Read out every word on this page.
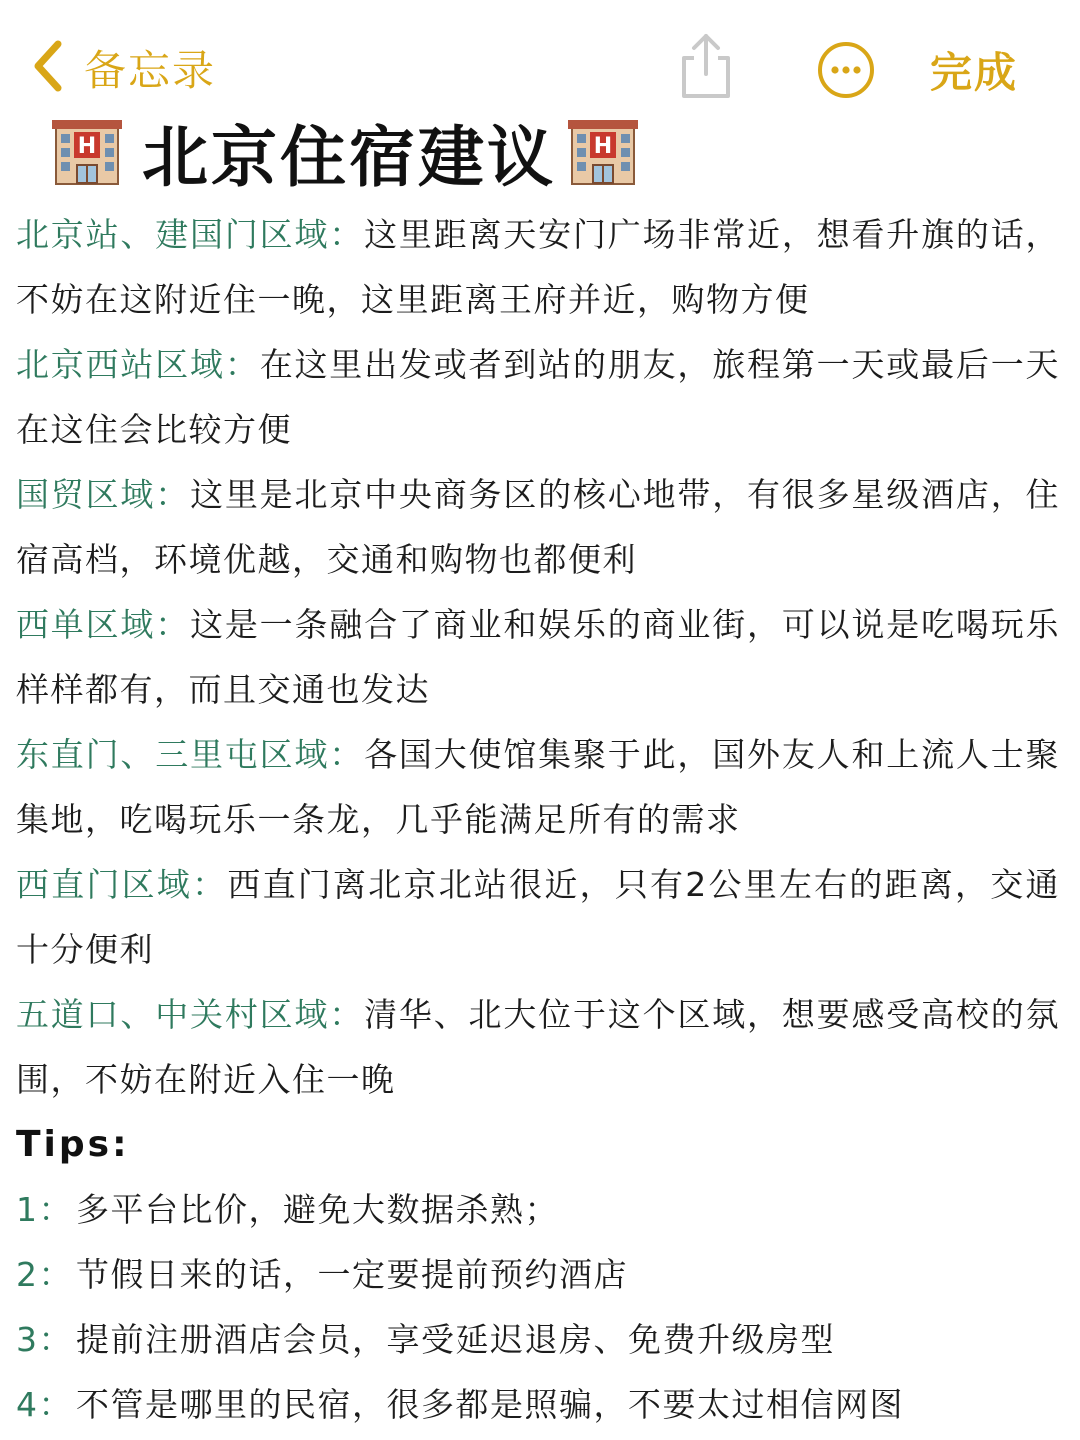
备忘录	完成
H 北京住宿建议 H

北京站、建国门区域：这里距离天安门广场非常近，想看升旗的话，不妨在这附近住一晚，这里距离王府并近，购物方便

北京西站区域：在这里出发或者到站的朋友，旅程第一天或最后一天在这住会比较方便

国贸区域：这里是北京中央商务区的核心地带，有很多星级酒店，住宿高档，环境优越，交通和购物也都便利

西单区域：这是一条融合了商业和娱乐的商业街，可以说是吃喝玩乐样样都有，而且交通也发达

东直门、三里屯区域：各国大使馆集聚于此，国外友人和上流人士聚集地，吃喝玩乐一条龙，几乎能满足所有的需求

西直门区域：西直门离北京北站很近，只有2公里左右的距离，交通十分便利

五道口、中关村区域：清华、北大位于这个区域，想要感受高校的氛围，不妨在附近入住一晚

Tips:
1：多平台比价，避免大数据杀熟；
2：节假日来的话，一定要提前预约酒店
3：提前注册酒店会员，享受延迟退房、免费升级房型
4：不管是哪里的民宿，很多都是照骗，不要太过相信网图
